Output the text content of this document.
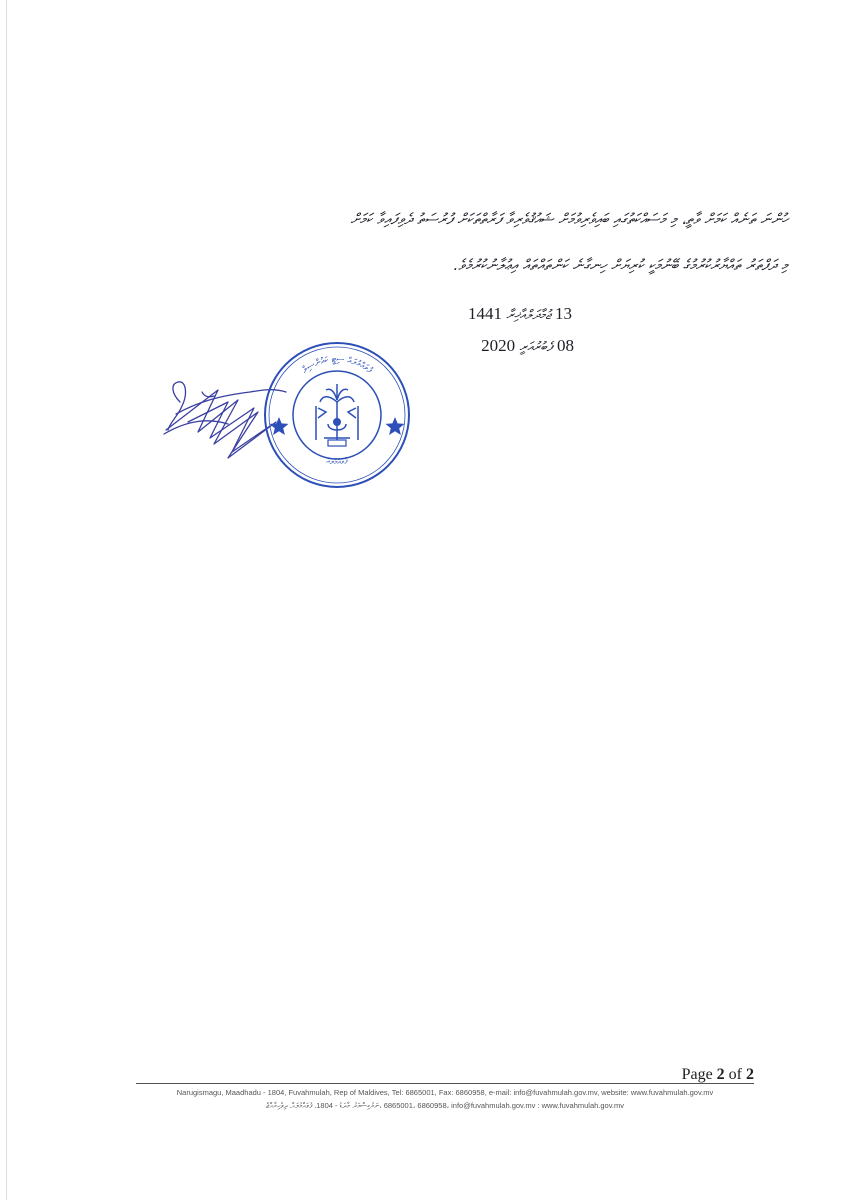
ހުންނަ ތަނެއް ކަމަށް ވާތީ، މި މަސައްކަތުގައި ބައިވެރިވުމަށް ޝައުޤުވެރިވާ ފަރާތްތަކަށް ފުރުސަތު ދެވިފައިވާ ކަމަށް
މި ދަފްތަރު ތައްޔާރުކުރުމުގެ ބޭނުމަކީ ކުރިޔަށް ހިނގާނެ ކަންތައްތައް އިޢުލާނުކުރުމެވެ.
13 ޖުމާދަލްއާޚިރާ 1441
08 ފެބުރުއަރީ 2020
ފުވައްމުލައް ސިޓީ ކައުންސިލް
ފުވައްމުލައް
Page 2 of 2
Narugismagu, Maadhadu - 1804, Fuvahmulah, Rep of Maldives, Tel: 6865001, Fax: 6860958, e-mail: info@fuvahmulah.gov.mv, website: www.fuvahmulah.gov.mv
ނަރުގިސްމަގު، މާދަޑު - 1804، ފުވައްމުލައް، ދިވެހިރާއްޖެ، 6865001، 6860958، info@fuvahmulah.gov.mv : www.fuvahmulah.gov.mv
